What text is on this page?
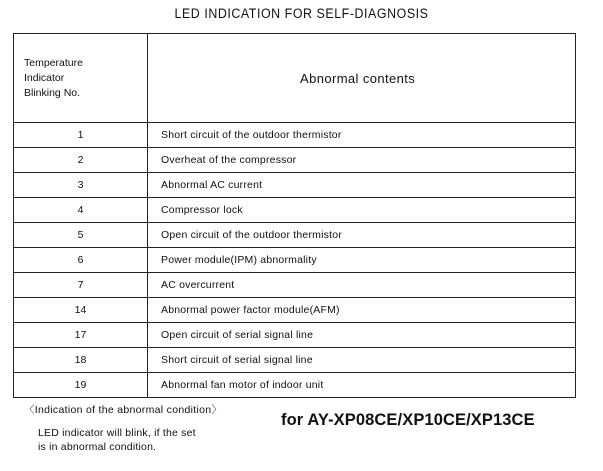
LED INDICATION FOR SELF-DIAGNOSIS
Temperature
Indicator
Blinking No.	Abnormal contents
1	Short circuit of the outdoor thermistor
2	Overheat of the compressor
3	Abnormal AC current
4	Compressor lock
5	Open circuit of the outdoor thermistor
6	Power module(IPM) abnormality
7	AC overcurrent
14	Abnormal power factor module(AFM)
17	Open circuit of serial signal line
18	Short circuit of serial signal line
19	Abnormal fan motor of indoor unit
〈Indication of the abnormal condition〉
LED indicator will blink, if the set
is in abnormal condition.
for AY-XP08CE/XP10CE/XP13CE
